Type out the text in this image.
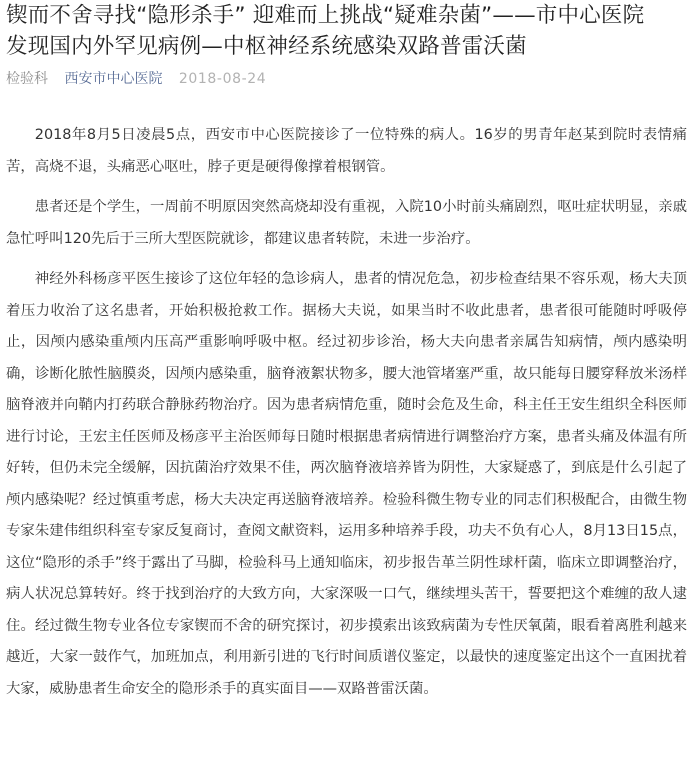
锲而不舍寻找“隐形杀手” 迎难而上挑战“疑难杂菌”——市中心医院
发现国内外罕见病例—中枢神经系统感染双路普雷沃菌
检验科 西安市中心医院 2018-08-24

2018年8月5日凌晨5点，西安市中心医院接诊了一位特殊的病人。16岁的男青年赵某到院时表情痛苦，高烧不退，头痛恶心呕吐，脖子更是硬得像撑着根钢管。

患者还是个学生，一周前不明原因突然高烧却没有重视，入院10小时前头痛剧烈，呕吐症状明显，亲戚急忙呼叫120先后于三所大型医院就诊，都建议患者转院，未进一步治疗。

神经外科杨彦平医生接诊了这位年轻的急诊病人，患者的情况危急，初步检查结果不容乐观，杨大夫顶着压力收治了这名患者，开始积极抢救工作。据杨大夫说，如果当时不收此患者，患者很可能随时呼吸停止，因颅内感染重颅内压高严重影响呼吸中枢。经过初步诊治，杨大夫向患者亲属告知病情，颅内感染明确，诊断化脓性脑膜炎，因颅内感染重，脑脊液絮状物多，腰大池管堵塞严重，故只能每日腰穿释放米汤样脑脊液并向鞘内打药联合静脉药物治疗。因为患者病情危重，随时会危及生命，科主任王安生组织全科医师进行讨论，王宏主任医师及杨彦平主治医师每日随时根据患者病情进行调整治疗方案，患者头痛及体温有所好转，但仍未完全缓解，因抗菌治疗效果不佳，两次脑脊液培养皆为阴性，大家疑惑了，到底是什么引起了颅内感染呢？经过慎重考虑，杨大夫决定再送脑脊液培养。检验科微生物专业的同志们积极配合，由微生物专家朱建伟组织科室专家反复商讨，查阅文献资料，运用多种培养手段，功夫不负有心人，8月13日15点，这位“隐形的杀手”终于露出了马脚，检验科马上通知临床，初步报告革兰阴性球杆菌，临床立即调整治疗，病人状况总算转好。终于找到治疗的大致方向，大家深吸一口气，继续埋头苦干，誓要把这个难缠的敌人逮住。经过微生物专业各位专家锲而不舍的研究探讨，初步摸索出该致病菌为专性厌氧菌，眼看着离胜利越来越近，大家一鼓作气，加班加点，利用新引进的飞行时间质谱仪鉴定，以最快的速度鉴定出这个一直困扰着大家，威胁患者生命安全的隐形杀手的真实面目——双路普雷沃菌。
